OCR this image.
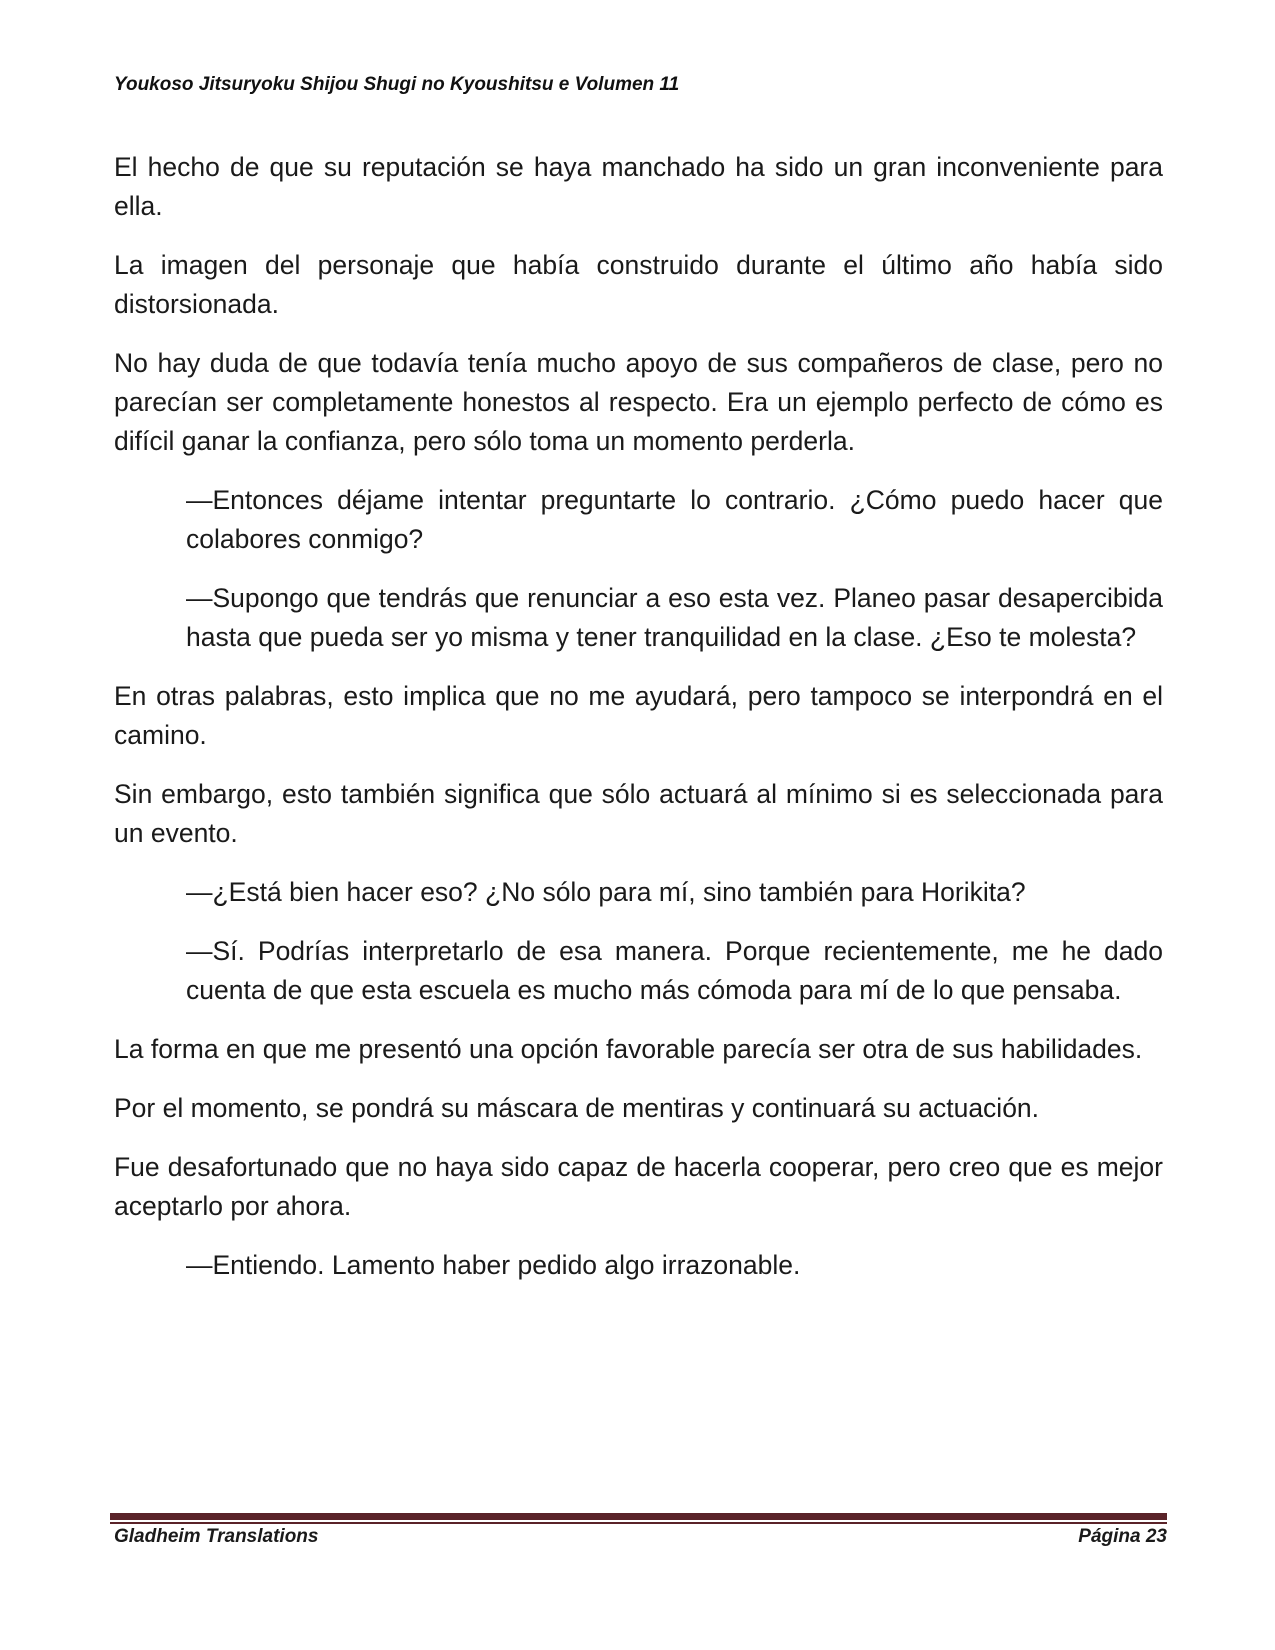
Youkoso Jitsuryoku Shijou Shugi no Kyoushitsu e Volumen 11

El hecho de que su reputación se haya manchado ha sido un gran inconveniente para ella.

La imagen del personaje que había construido durante el último año había sido distorsionada.

No hay duda de que todavía tenía mucho apoyo de sus compañeros de clase, pero no parecían ser completamente honestos al respecto. Era un ejemplo perfecto de cómo es difícil ganar la confianza, pero sólo toma un momento perderla.

—Entonces déjame intentar preguntarte lo contrario. ¿Cómo puedo hacer que colabores conmigo?

—Supongo que tendrás que renunciar a eso esta vez. Planeo pasar desapercibida hasta que pueda ser yo misma y tener tranquilidad en la clase. ¿Eso te molesta?

En otras palabras, esto implica que no me ayudará, pero tampoco se interpondrá en el camino.

Sin embargo, esto también significa que sólo actuará al mínimo si es seleccionada para un evento.

—¿Está bien hacer eso? ¿No sólo para mí, sino también para Horikita?

—Sí. Podrías interpretarlo de esa manera. Porque recientemente, me he dado cuenta de que esta escuela es mucho más cómoda para mí de lo que pensaba.

La forma en que me presentó una opción favorable parecía ser otra de sus habilidades.

Por el momento, se pondrá su máscara de mentiras y continuará su actuación.

Fue desafortunado que no haya sido capaz de hacerla cooperar, pero creo que es mejor aceptarlo por ahora.

—Entiendo. Lamento haber pedido algo irrazonable.

Gladheim Translations	Página 23
